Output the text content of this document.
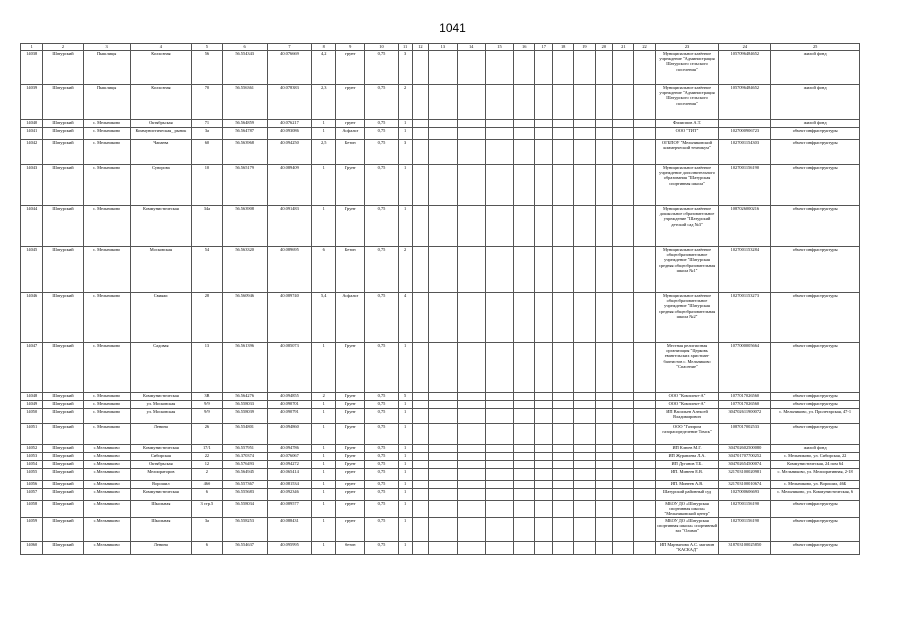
1041
1	2	3	4	5	6	7	8	9	10	11	12	13	14	15	16	17	18	19	20	21	22	23	24	25
14038	Шатурский	Пышлицы	Колхозная	56	56.554343	40.076669	4,2	грунт	0,75	3												Муниципальное казённое учреждение "Администрация Шатурского сельского поселения"	1057096484652	жилой фонд
14039	Шатурский	Пышлицы	Колхозная	70	56.556361	40.078383	2,3	грунт	0,75	2												Муниципальное казённое учреждение "Администрация Шатурского сельского поселения"	1057096484652	жилой фонд
14040	Шатурский	с. Мельниково	Октябрьская	71	56.564859	40.076217	1	грунт	0,75	1												Филиппов А.Т.		жилой фонд
14041	Шатурский	с. Мельниково	Коммунистическая_ рынок	3а	56.564787	40.093086	1	Асфальт	0,75	1												ООО "ТИТ"	1027000906723	объект инфраструктуры
14042	Шатурский	с. Мельниково	Чапаева	60	56.563968	40.094250	2,5	Бетон	0,75	3												ОГБПОУ "Мельниковский коммерческий техникум"	1027001154303	объект инфраструктуры
14043	Шатурский	с. Мельниково	Суворова	10	56.565179	40.089409	1	Грунт	0,75	1												Муниципальное казённое учреждение дополнительного образования "Шатурская спортивная школа"	1027001156190	объект инфраструктуры
14044	Шатурский	с. Мельниково	Коммунистическая	34а	56.563908	40.091483	1	Грунт	0,75	1												Муниципальное казённое дошкольное образовательное учреждение "Шатурский детский сад №3"	1087026000216	объект инфраструктуры
14045	Шатурский	с. Мельниково	Московская	54	56.563320	40.089695	6	Бетон	0,75	2												Муниципальное казённое общеобразовательное учреждение "Шатурская средняя общеобразовательная школа №1"	1027001153284	объект инфраструктуры
14046	Шатурский	с. Мельниково	Свияжс	28	56.560946	40.089740	5,4	Асфальт	0,75	4												Муниципальное казённое общеобразовательное учреждение "Шатурская средняя общеобразовательная школа №2"	1027001153273	объект инфраструктуры
14047	Шатурский	с. Мельниково	Садовая	13	56.561396	40.085073	1	Грунт	0,75	1												Местная религиозная организация "Церковь евангельских христиан-баптистов с. Мельниково "Спасение"	1077000005664	объект инфраструктуры
14048	Шатурский	с. Мельниково	Коммунистическая	3В	56.564276	40.094855	2	Грунт	0,75	5												ООО "Комплект-А"	1077017026560	объект инфраструктуры
14049	Шатурский	с. Мельниково	ул. Московская	9/9	56.558033	40.090701	1	Грунт	0,75	1												ООО "Комплект-А"	1077017026560	объект инфраструктуры
14050	Шатурский	с. Мельниково	ул. Московская	9/9	56.558039	40.090791	1	Грунт	0,75	1												ИП Васильев Алексей Владимирович	304702611900072	с. Мельниково, ул. Пролетарская, 47-1
14051	Шатурский	с. Мельниково	Ленина	26	56.554801	40.094860	1	Грунт	0,75	1												ООО "Газпром газораспределение Томск"	1087017002533	объект инфраструктуры
14052	Шатурский	с.Мельниково	Коммунистическая	17/1	56.557951	40.094786	1	Грунт	0,75	1												ИП Клюев М.Г.	304702602500080	жилой фонд
14053	Шатурский	с.Мельниково	Сибирская	22	56.370374	40.076067	1	Грунт	0,75	1												ИП Журавлева Л.А.	304701707700252	с. Мельниково, ул. Сибирская, 22
14054	Шатурский	с.Мельниково	Октябрьская	12	56.576493	40.094272	1	Грунт	0,75	1												ИП Дуганов Т.Б.	304702654500074	Коммунистическая, 24 пом 64
14055	Шатурский	с.Мельниково	Мелиораторов	2	56.564945	40.065414	1	грунт	0,75	1												ИП. Минеев Е.В.	321703100020981	с. Мельниково, ул. Мелиоративная, 2-18
14056	Шатурский	с.Мельниково	Ворошил	46б	56.557367	40.081534	1	грунт	0,75	1												ИП. Минеев А.В.	321703100010674	с. Мельниково, ул. Ворошил, 46Б
14057	Шатурский	с.Мельниково	Коммунистическая	6	56.555683	40.092346	1	грунт	0,75	1												Шатурский районный суд	1027000606693	с. Мельниково, ул. Коммунистическая, 6
14058	Шатурский	с.Мельниково	Школьная	3 стр.5	56.558034	40.089577	1	грунт	0,75	1												МБОУ ДО «Шатурская спортивная школа» "Мельниковский центр"	1027001156190	объект инфраструктуры
14059	Шатурский	с.Мельниково	Школьная	3а	56.558253	40.088431	1	грунт	0,75	1												МБОУ ДО «Шатурская спортивная школа» спортивный зал "Олимп"	1027001156190	объект инфраструктуры
14060	Шатурский	с.Мельниково	Ленина	6	56.554637	40.095995	1	бетон	0,75	1												ИП Мартынова А.С. магазин "КАСКАД"	318703100025850	объект инфраструктуры
